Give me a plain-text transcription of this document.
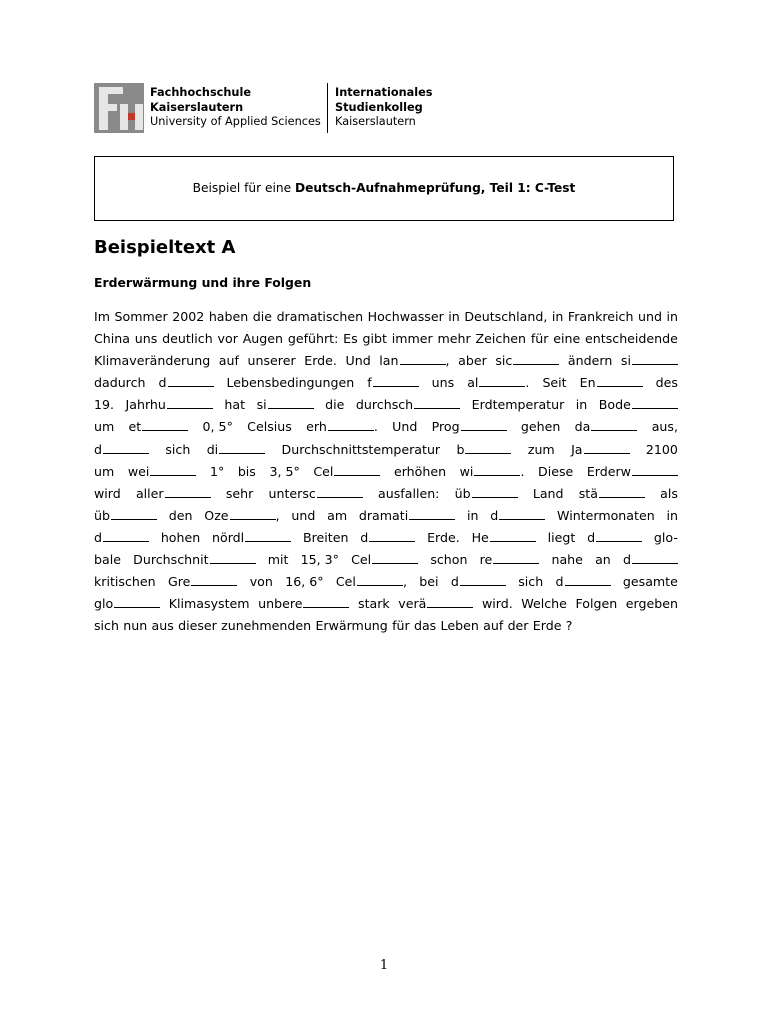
Fachhochschule
Kaiserslautern
University of Applied Sciences
Internationales
Studienkolleg
Kaiserslautern
Beispiel für eine Deutsch-Aufnahmeprüfung, Teil 1: C-Test
Beispieltext A
Erderwärmung und ihre Folgen
Im Sommer 2002 haben die dramatischen Hochwasser in Deutschland, in Frankreich und in
China uns deutlich vor Augen geführt: Es gibt immer mehr Zeichen für eine entscheidende
Klimaveränderung auf unserer Erde. Und lan	, aber sic	ändern si
dadurch d	Lebensbedingungen f	uns al	. Seit En	des
19. Jahrhu	hat si	die durchsch	Erdtemperatur in Bode
um et	0, 5° Celsius erh	. Und Prog	gehen da	aus,
d	sich di	Durchschnittstemperatur b	zum Ja	2100
um wei	1° bis 3, 5° Cel	erhöhen wi	. Diese Erderw
wird aller	sehr untersc	ausfallen: üb	Land stä	als
üb	den Oze	, und am dramati	in d	Wintermonaten in
d	hohen nördl	Breiten d	Erde. He	liegt d	glo-
bale Durchschnit	mit 15, 3° Cel	schon re	nahe an d
kritischen Gre	von 16, 6° Cel	, bei d	sich d	gesamte
glo	Klimasystem unbere	stark verä	wird. Welche Folgen ergeben
sich nun aus dieser zunehmenden Erwärmung für das Leben auf der Erde ?
1
